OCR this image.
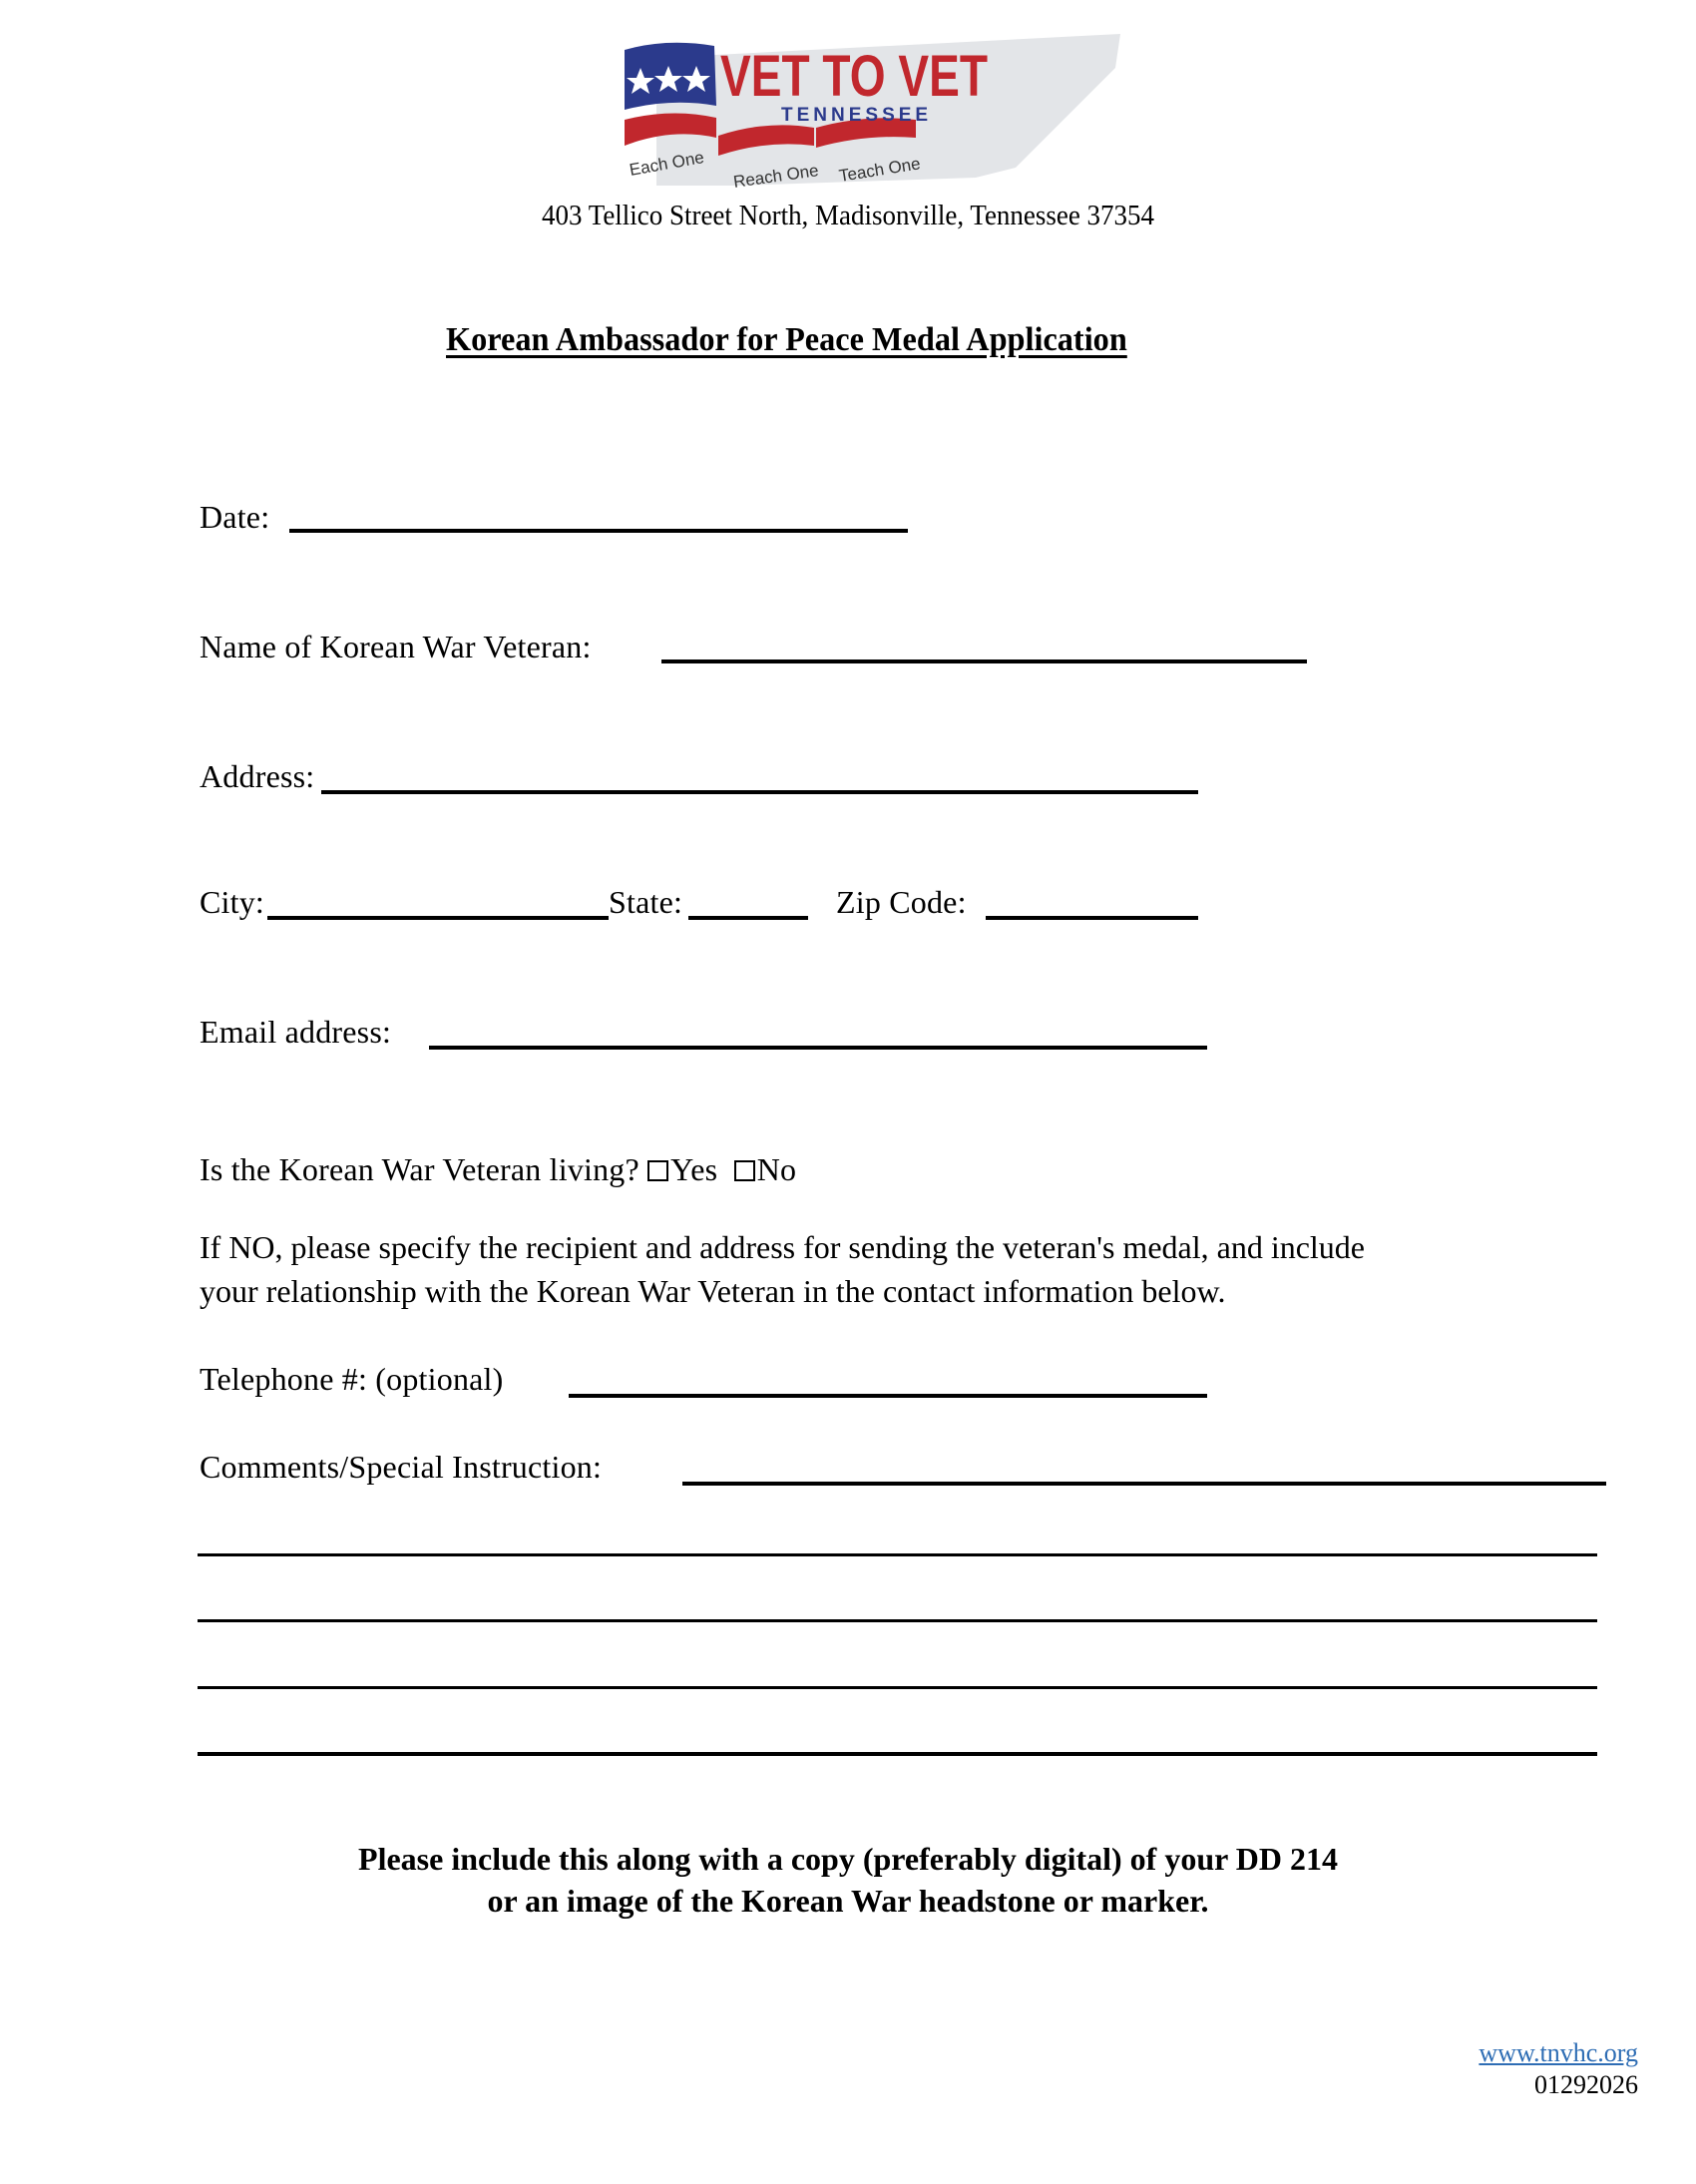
VET TO VET
TENNESSEE
Each One Reach One Teach One
403 Tellico Street North, Madisonville, Tennessee 37354
Korean Ambassador for Peace Medal Application
Date:
Name of Korean War Veteran:
Address:
City:	State:	Zip Code:
Email address:
Is the Korean War Veteran living? Yes No
If NO, please specify the recipient and address for sending the veteran's medal, and include
your relationship with the Korean War Veteran in the contact information below.
Telephone #: (optional)
Comments/Special Instruction:
Please include this along with a copy (preferably digital) of your DD 214
or an image of the Korean War headstone or marker.
www.tnvhc.org
01292026
